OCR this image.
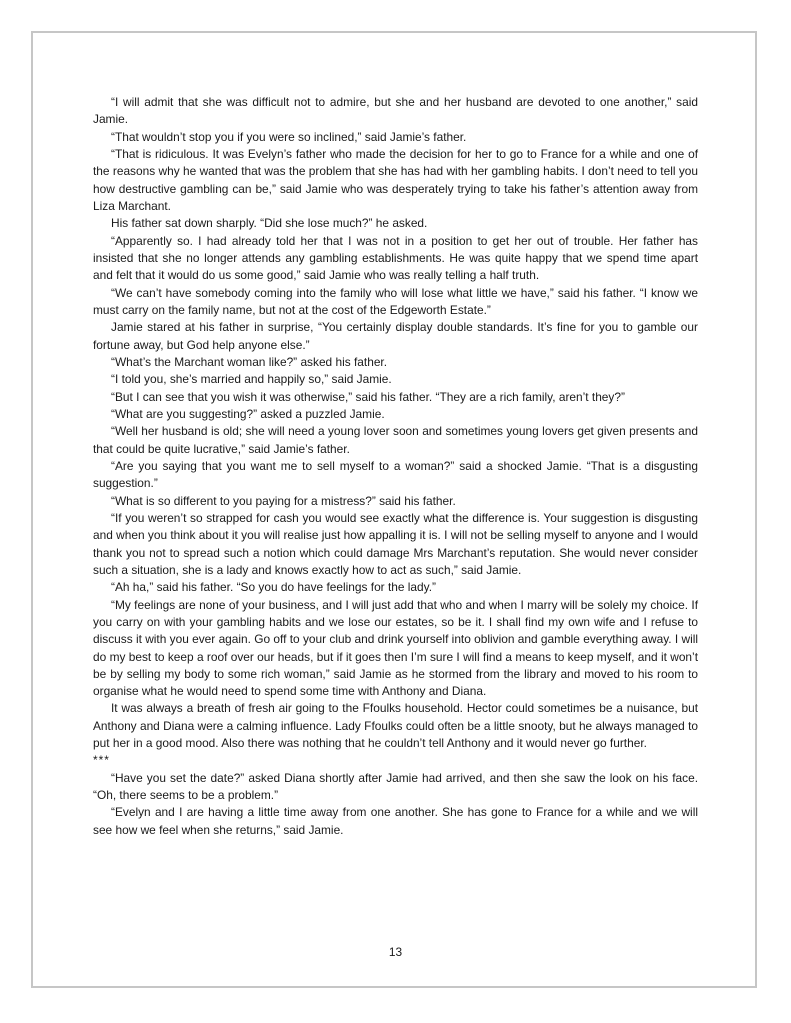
“I will admit that she was difficult not to admire, but she and her husband are devoted to one another,” said Jamie.

“That wouldn’t stop you if you were so inclined,” said Jamie’s father.

“That is ridiculous. It was Evelyn’s father who made the decision for her to go to France for a while and one of the reasons why he wanted that was the problem that she has had with her gambling habits. I don’t need to tell you how destructive gambling can be,” said Jamie who was desperately trying to take his father’s attention away from Liza Marchant.

His father sat down sharply. “Did she lose much?” he asked.

“Apparently so. I had already told her that I was not in a position to get her out of trouble. Her father has insisted that she no longer attends any gambling establishments. He was quite happy that we spend time apart and felt that it would do us some good,” said Jamie who was really telling a half truth.

“We can’t have somebody coming into the family who will lose what little we have,” said his father. “I know we must carry on the family name, but not at the cost of the Edgeworth Estate.”

Jamie stared at his father in surprise, “You certainly display double standards. It’s fine for you to gamble our fortune away, but God help anyone else.”

“What’s the Marchant woman like?” asked his father.

“I told you, she’s married and happily so,” said Jamie.

“But I can see that you wish it was otherwise,” said his father. “They are a rich family, aren’t they?”

“What are you suggesting?” asked a puzzled Jamie.

“Well her husband is old; she will need a young lover soon and sometimes young lovers get given presents and that could be quite lucrative,” said Jamie’s father.

“Are you saying that you want me to sell myself to a woman?” said a shocked Jamie. “That is a disgusting suggestion.”

“What is so different to you paying for a mistress?” said his father.

“If you weren’t so strapped for cash you would see exactly what the difference is. Your suggestion is disgusting and when you think about it you will realise just how appalling it is. I will not be selling myself to anyone and I would thank you not to spread such a notion which could damage Mrs Marchant’s reputation. She would never consider such a situation, she is a lady and knows exactly how to act as such,” said Jamie.

“Ah ha,” said his father. “So you do have feelings for the lady.”

“My feelings are none of your business, and I will just add that who and when I marry will be solely my choice. If you carry on with your gambling habits and we lose our estates, so be it. I shall find my own wife and I refuse to discuss it with you ever again. Go off to your club and drink yourself into oblivion and gamble everything away. I will do my best to keep a roof over our heads, but if it goes then I’m sure I will find a means to keep myself, and it won’t be by selling my body to some rich woman,” said Jamie as he stormed from the library and moved to his room to organise what he would need to spend some time with Anthony and Diana.

It was always a breath of fresh air going to the Ffoulks household. Hector could sometimes be a nuisance, but Anthony and Diana were a calming influence. Lady Ffoulks could often be a little snooty, but he always managed to put her in a good mood. Also there was nothing that he couldn’t tell Anthony and it would never go further.

***

“Have you set the date?” asked Diana shortly after Jamie had arrived, and then she saw the look on his face. “Oh, there seems to be a problem.”

“Evelyn and I are having a little time away from one another. She has gone to France for a while and we will see how we feel when she returns,” said Jamie.

13
